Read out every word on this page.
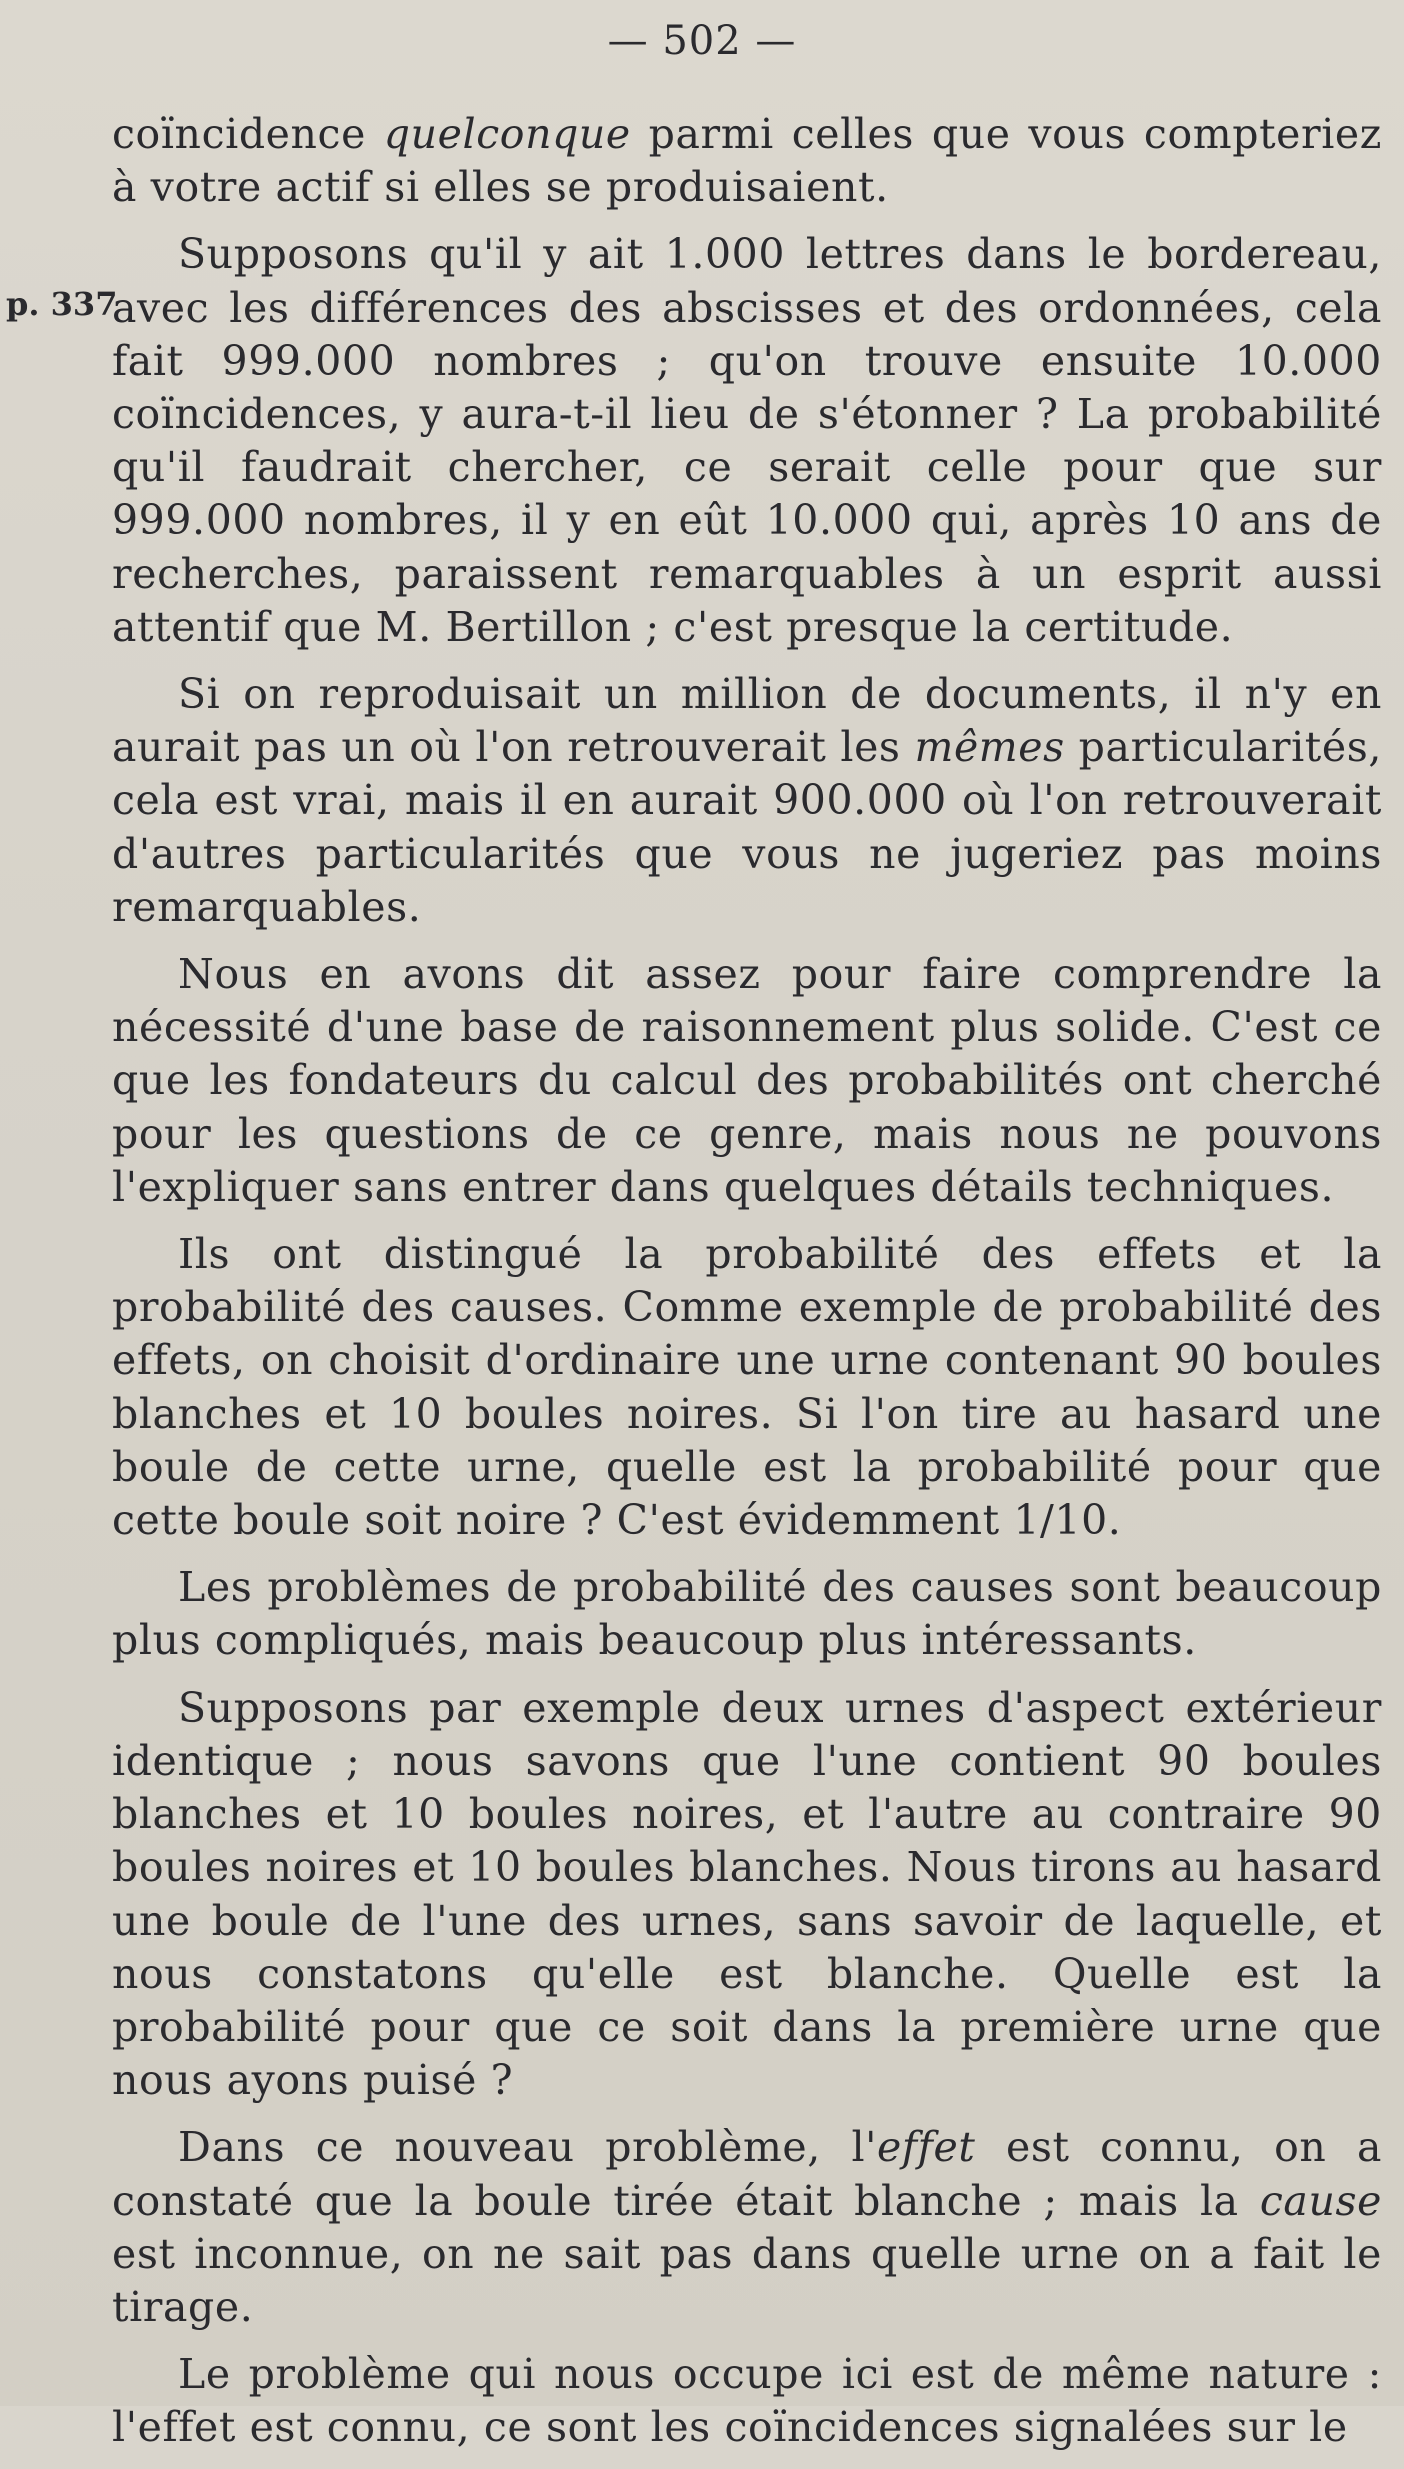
— 502 —
p. 337

coïncidence quelconque parmi celles que vous compteriez à votre actif si elles se produisaient.

Supposons qu'il y ait 1.000 lettres dans le bordereau, avec les différences des abscisses et des ordonnées, cela fait 999.000 nombres ; qu'on trouve ensuite 10.000 coïncidences, y aura-t-il lieu de s'étonner ? La probabilité qu'il faudrait chercher, ce serait celle pour que sur 999.000 nombres, il y en eût 10.000 qui, après 10 ans de recherches, paraissent remarquables à un esprit aussi attentif que M. Bertillon ; c'est presque la certitude.

Si on reproduisait un million de documents, il n'y en aurait pas un où l'on retrouverait les mêmes particularités, cela est vrai, mais il en aurait 900.000 où l'on retrouverait d'autres particularités que vous ne jugeriez pas moins remarquables.

Nous en avons dit assez pour faire comprendre la nécessité d'une base de raisonnement plus solide. C'est ce que les fondateurs du calcul des probabilités ont cherché pour les questions de ce genre, mais nous ne pouvons l'expliquer sans entrer dans quelques détails techniques.

Ils ont distingué la probabilité des effets et la probabilité des causes. Comme exemple de probabilité des effets, on choisit d'ordinaire une urne contenant 90 boules blanches et 10 boules noires. Si l'on tire au hasard une boule de cette urne, quelle est la probabilité pour que cette boule soit noire ? C'est évidemment 1/10.

Les problèmes de probabilité des causes sont beaucoup plus compliqués, mais beaucoup plus intéressants.

Supposons par exemple deux urnes d'aspect extérieur identique ; nous savons que l'une contient 90 boules blanches et 10 boules noires, et l'autre au contraire 90 boules noires et 10 boules blanches. Nous tirons au hasard une boule de l'une des urnes, sans savoir de laquelle, et nous constatons qu'elle est blanche. Quelle est la probabilité pour que ce soit dans la première urne que nous ayons puisé ?

Dans ce nouveau problème, l'effet est connu, on a constaté que la boule tirée était blanche ; mais la cause est inconnue, on ne sait pas dans quelle urne on a fait le tirage.

Le problème qui nous occupe ici est de même nature : l'effet est connu, ce sont les coïncidences signalées sur le
